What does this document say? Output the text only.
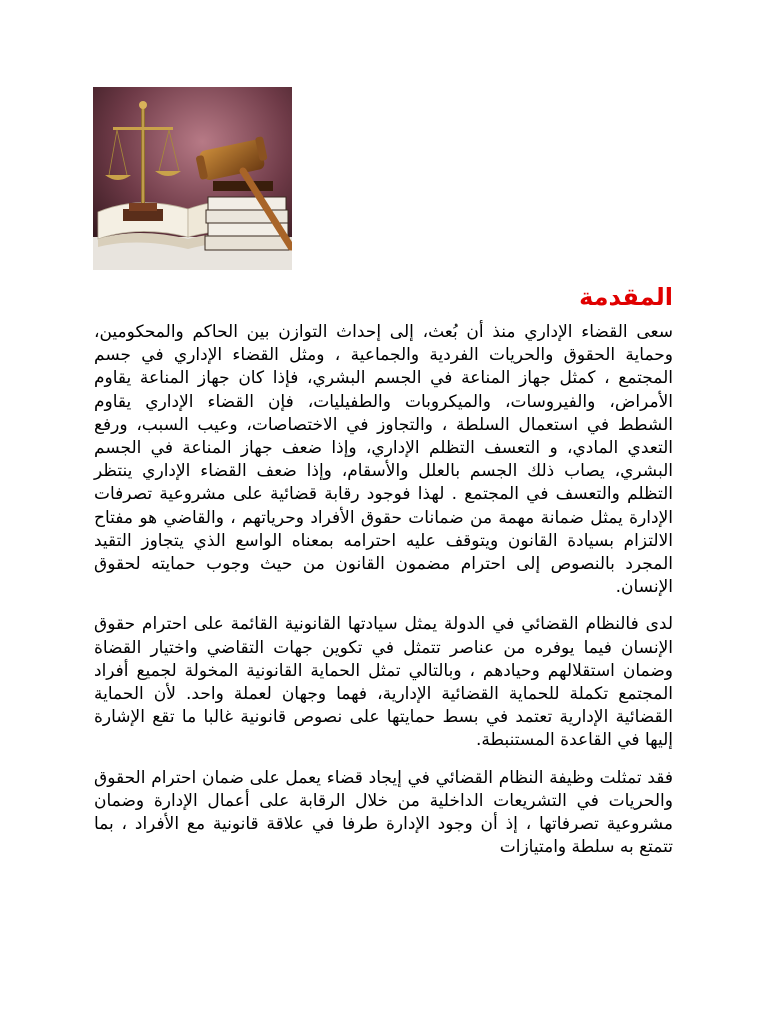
المقدمة

سعى القضاء الإداري منذ أن بُعث، إلى إحداث التوازن بين الحاكم والمحكومين، وحماية الحقوق والحريات الفردية والجماعية ، ومثل القضاء الإداري في جسم المجتمع ، كمثل جهاز المناعة في الجسم البشري، فإذا كان جهاز المناعة يقاوم الأمراض، والفيروسات، والميكروبات والطفيليات، فإن القضاء الإداري يقاوم الشطط في استعمال السلطة ، والتجاوز في الاختصاصات، وعيب السبب، ورفع التعدي المادي، و التعسف التظلم الإداري، وإذا ضعف جهاز المناعة في الجسم البشري، يصاب ذلك الجسم بالعلل والأسقام، وإذا ضعف القضاء الإداري ينتظر التظلم والتعسف في المجتمع . لهذا فوجود رقابة قضائية على مشروعية تصرفات الإدارة يمثل ضمانة مهمة من ضمانات حقوق الأفراد وحرياتهم ، والقاضي هو مفتاح الالتزام بسيادة القانون ويتوقف عليه احترامه بمعناه الواسع الذي يتجاوز التقيد المجرد بالنصوص إلى احترام مضمون القانون من حيث وجوب حمايته لحقوق الإنسان.

لدى فالنظام القضائي في الدولة يمثل سيادتها القانونية القائمة على احترام حقوق الإنسان فيما يوفره من عناصر تتمثل في تكوين جهات التقاضي واختيار القضاة وضمان استقلالهم وحيادهم ، وبالتالي تمثل الحماية القانونية المخولة لجميع أفراد المجتمع تكملة للحماية القضائية الإدارية، فهما وجهان لعملة واحد. لأن الحماية القضائية الإدارية تعتمد في بسط حمايتها على نصوص قانونية غالبا ما تقع الإشارة إليها في القاعدة المستنبطة.

فقد تمثلت وظيفة النظام القضائي في إيجاد قضاء يعمل على ضمان احترام الحقوق والحريات في التشريعات الداخلية من خلال الرقابة على أعمال الإدارة وضمان مشروعية تصرفاتها ، إذ أن وجود الإدارة طرفا في علاقة قانونية مع الأفراد ، بما تتمتع به سلطة وامتيازات
